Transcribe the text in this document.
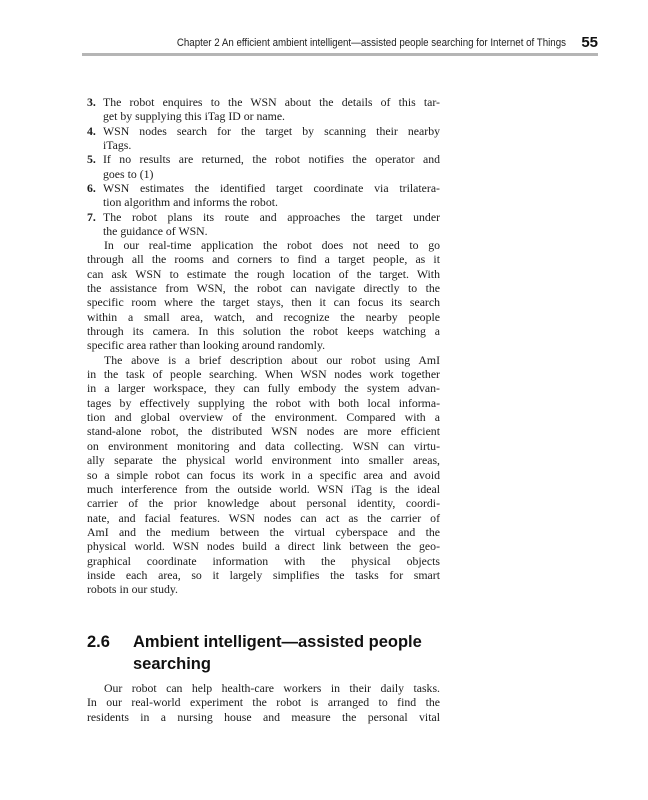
Chapter 2 An efficient ambient intelligent—assisted people searching for Internet of Things 55
3. The robot enquires to the WSN about the details of this tar-
get by supplying this iTag ID or name.
4. WSN nodes search for the target by scanning their nearby
iTags.
5. If no results are returned, the robot notifies the operator and
goes to (1)
6. WSN estimates the identified target coordinate via trilatera-
tion algorithm and informs the robot.
7. The robot plans its route and approaches the target under
the guidance of WSN.
In our real-time application the robot does not need to go
through all the rooms and corners to find a target people, as it
can ask WSN to estimate the rough location of the target. With
the assistance from WSN, the robot can navigate directly to the
specific room where the target stays, then it can focus its search
within a small area, watch, and recognize the nearby people
through its camera. In this solution the robot keeps watching a
specific area rather than looking around randomly.
The above is a brief description about our robot using AmI
in the task of people searching. When WSN nodes work together
in a larger workspace, they can fully embody the system advan-
tages by effectively supplying the robot with both local informa-
tion and global overview of the environment. Compared with a
stand-alone robot, the distributed WSN nodes are more efficient
on environment monitoring and data collecting. WSN can virtu-
ally separate the physical world environment into smaller areas,
so a simple robot can focus its work in a specific area and avoid
much interference from the outside world. WSN iTag is the ideal
carrier of the prior knowledge about personal identity, coordi-
nate, and facial features. WSN nodes can act as the carrier of
AmI and the medium between the virtual cyberspace and the
physical world. WSN nodes build a direct link between the geo-
graphical coordinate information with the physical objects
inside each area, so it largely simplifies the tasks for smart
robots in our study.
2.6 Ambient intelligent—assisted people searching
Our robot can help health-care workers in their daily tasks.
In our real-world experiment the robot is arranged to find the
residents in a nursing house and measure the personal vital
